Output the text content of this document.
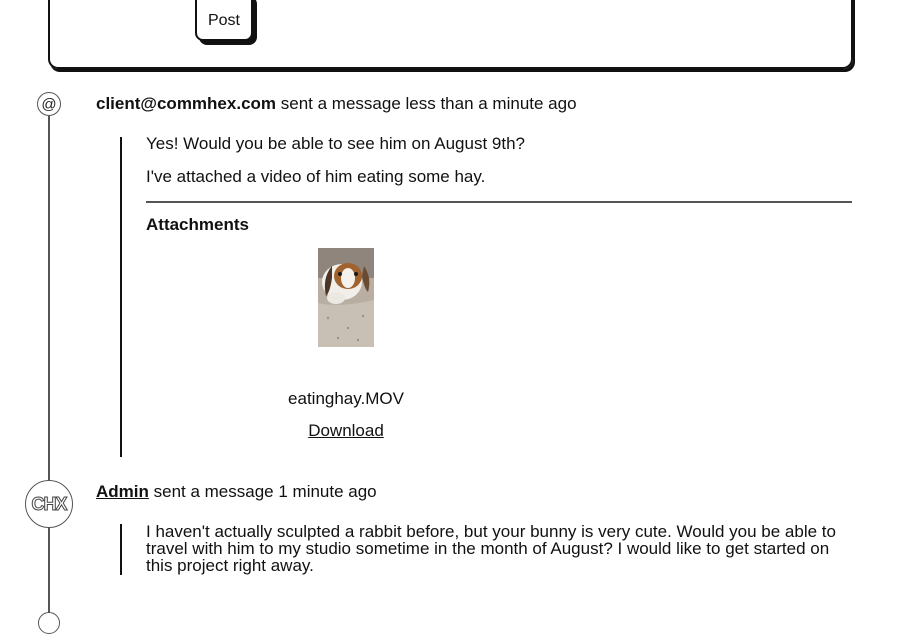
Post
@ client@commhex.com sent a message less than a minute ago

Yes! Would you be able to see him on August 9th?

I've attached a video of him eating some hay.

Attachments
eatinghay.MOV
Download
CHX
Admin sent a message 1 minute ago

I haven't actually sculpted a rabbit before, but your bunny is very cute. Would you be able to travel with him to my studio sometime in the month of August? I would like to get started on this project right away.
